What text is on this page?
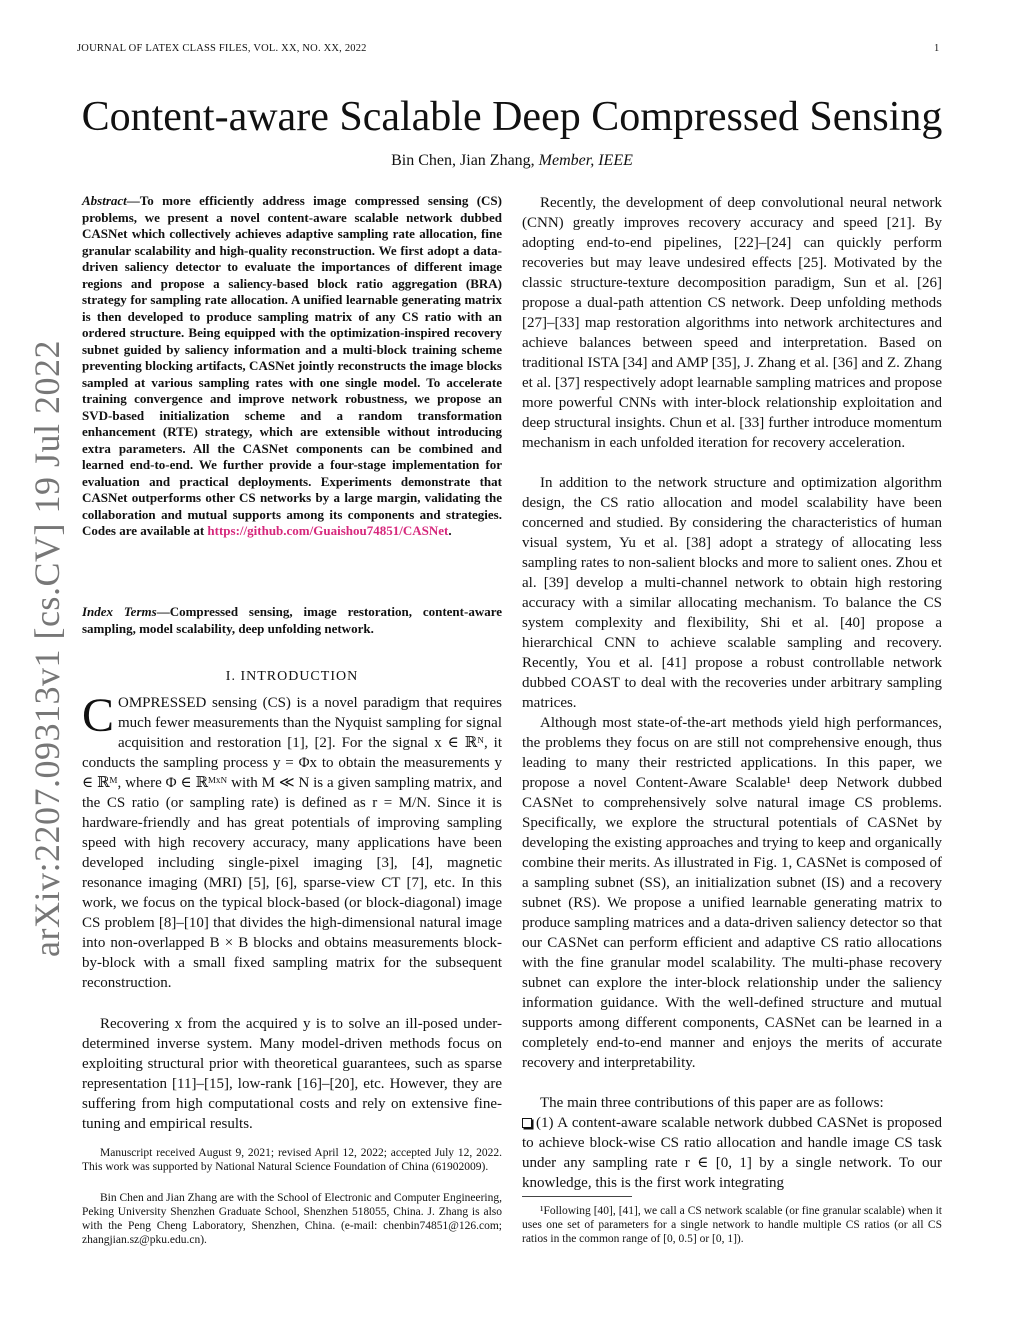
JOURNAL OF LATEX CLASS FILES, VOL. XX, NO. XX, 2022	1
Content-aware Scalable Deep Compressed Sensing
Bin Chen, Jian Zhang, Member, IEEE
arXiv:2207.09313v1 [cs.CV] 19 Jul 2022
Abstract—To more efficiently address image compressed sensing (CS) problems, we present a novel content-aware scalable network dubbed CASNet which collectively achieves adaptive sampling rate allocation, fine granular scalability and high-quality reconstruction. We first adopt a data-driven saliency detector to evaluate the importances of different image regions and propose a saliency-based block ratio aggregation (BRA) strategy for sampling rate allocation. A unified learnable generating matrix is then developed to produce sampling matrix of any CS ratio with an ordered structure. Being equipped with the optimization-inspired recovery subnet guided by saliency information and a multi-block training scheme preventing blocking artifacts, CASNet jointly reconstructs the image blocks sampled at various sampling rates with one single model. To accelerate training convergence and improve network robustness, we propose an SVD-based initialization scheme and a random transformation enhancement (RTE) strategy, which are extensible without introducing extra parameters. All the CASNet components can be combined and learned end-to-end. We further provide a four-stage implementation for evaluation and practical deployments. Experiments demonstrate that CASNet outperforms other CS networks by a large margin, validating the collaboration and mutual supports among its components and strategies. Codes are available at https://github.com/Guaishou74851/CASNet.
Index Terms—Compressed sensing, image restoration, content-aware sampling, model scalability, deep unfolding network.
I. INTRODUCTION
COMPRESSED sensing (CS) is a novel paradigm that requires much fewer measurements than the Nyquist sampling for signal acquisition and restoration [1], [2]. For the signal x ∈ ℝᴺ, it conducts the sampling process y = Φx to obtain the measurements y ∈ ℝᴹ, where Φ ∈ ℝᴹˣᴺ with M ≪ N is a given sampling matrix, and the CS ratio (or sampling rate) is defined as r = M/N. Since it is hardware-friendly and has great potentials of improving sampling speed with high recovery accuracy, many applications have been developed including single-pixel imaging [3], [4], magnetic resonance imaging (MRI) [5], [6], sparse-view CT [7], etc. In this work, we focus on the typical block-based (or block-diagonal) image CS problem [8]–[10] that divides the high-dimensional natural image into non-overlapped B × B blocks and obtains measurements block-by-block with a small fixed sampling matrix for the subsequent reconstruction.
Recovering x from the acquired y is to solve an ill-posed under-determined inverse system. Many model-driven methods focus on exploiting structural prior with theoretical guarantees, such as sparse representation [11]–[15], low-rank [16]–[20], etc. However, they are suffering from high computational costs and rely on extensive fine-tuning and empirical results.
Manuscript received August 9, 2021; revised April 12, 2022; accepted July 12, 2022. This work was supported by National Natural Science Foundation of China (61902009).
Bin Chen and Jian Zhang are with the School of Electronic and Computer Engineering, Peking University Shenzhen Graduate School, Shenzhen 518055, China. J. Zhang is also with the Peng Cheng Laboratory, Shenzhen, China. (e-mail: chenbin74851@126.com; zhangjian.sz@pku.edu.cn).
Recently, the development of deep convolutional neural network (CNN) greatly improves recovery accuracy and speed [21]. By adopting end-to-end pipelines, [22]–[24] can quickly perform recoveries but may leave undesired effects [25]. Motivated by the classic structure-texture decomposition paradigm, Sun et al. [26] propose a dual-path attention CS network. Deep unfolding methods [27]–[33] map restoration algorithms into network architectures and achieve balances between speed and interpretation. Based on traditional ISTA [34] and AMP [35], J. Zhang et al. [36] and Z. Zhang et al. [37] respectively adopt learnable sampling matrices and propose more powerful CNNs with inter-block relationship exploitation and deep structural insights. Chun et al. [33] further introduce momentum mechanism in each unfolded iteration for recovery acceleration.
In addition to the network structure and optimization algorithm design, the CS ratio allocation and model scalability have been concerned and studied. By considering the characteristics of human visual system, Yu et al. [38] adopt a strategy of allocating less sampling rates to non-salient blocks and more to salient ones. Zhou et al. [39] develop a multi-channel network to obtain high restoring accuracy with a similar allocating mechanism. To balance the CS system complexity and flexibility, Shi et al. [40] propose a hierarchical CNN to achieve scalable sampling and recovery. Recently, You et al. [41] propose a robust controllable network dubbed COAST to deal with the recoveries under arbitrary sampling matrices.
Although most state-of-the-art methods yield high performances, the problems they focus on are still not comprehensive enough, thus leading to many their restricted applications. In this paper, we propose a novel Content-Aware Scalable¹ deep Network dubbed CASNet to comprehensively solve natural image CS problems. Specifically, we explore the structural potentials of CASNet by developing the existing approaches and trying to keep and organically combine their merits. As illustrated in Fig. 1, CASNet is composed of a sampling subnet (SS), an initialization subnet (IS) and a recovery subnet (RS). We propose a unified learnable generating matrix to produce sampling matrices and a data-driven saliency detector so that our CASNet can perform efficient and adaptive CS ratio allocations with the fine granular model scalability. The multi-phase recovery subnet can explore the inter-block relationship under the saliency information guidance. With the well-defined structure and mutual supports among different components, CASNet can be learned in a completely end-to-end manner and enjoys the merits of accurate recovery and interpretability.
The main three contributions of this paper are as follows:
(1) A content-aware scalable network dubbed CASNet is proposed to achieve block-wise CS ratio allocation and handle image CS task under any sampling rate r ∈ [0, 1] by a single network. To our knowledge, this is the first work integrating
¹Following [40], [41], we call a CS network scalable (or fine granular scalable) when it uses one set of parameters for a single network to handle multiple CS ratios (or all CS ratios in the common range of [0, 0.5] or [0, 1]).
